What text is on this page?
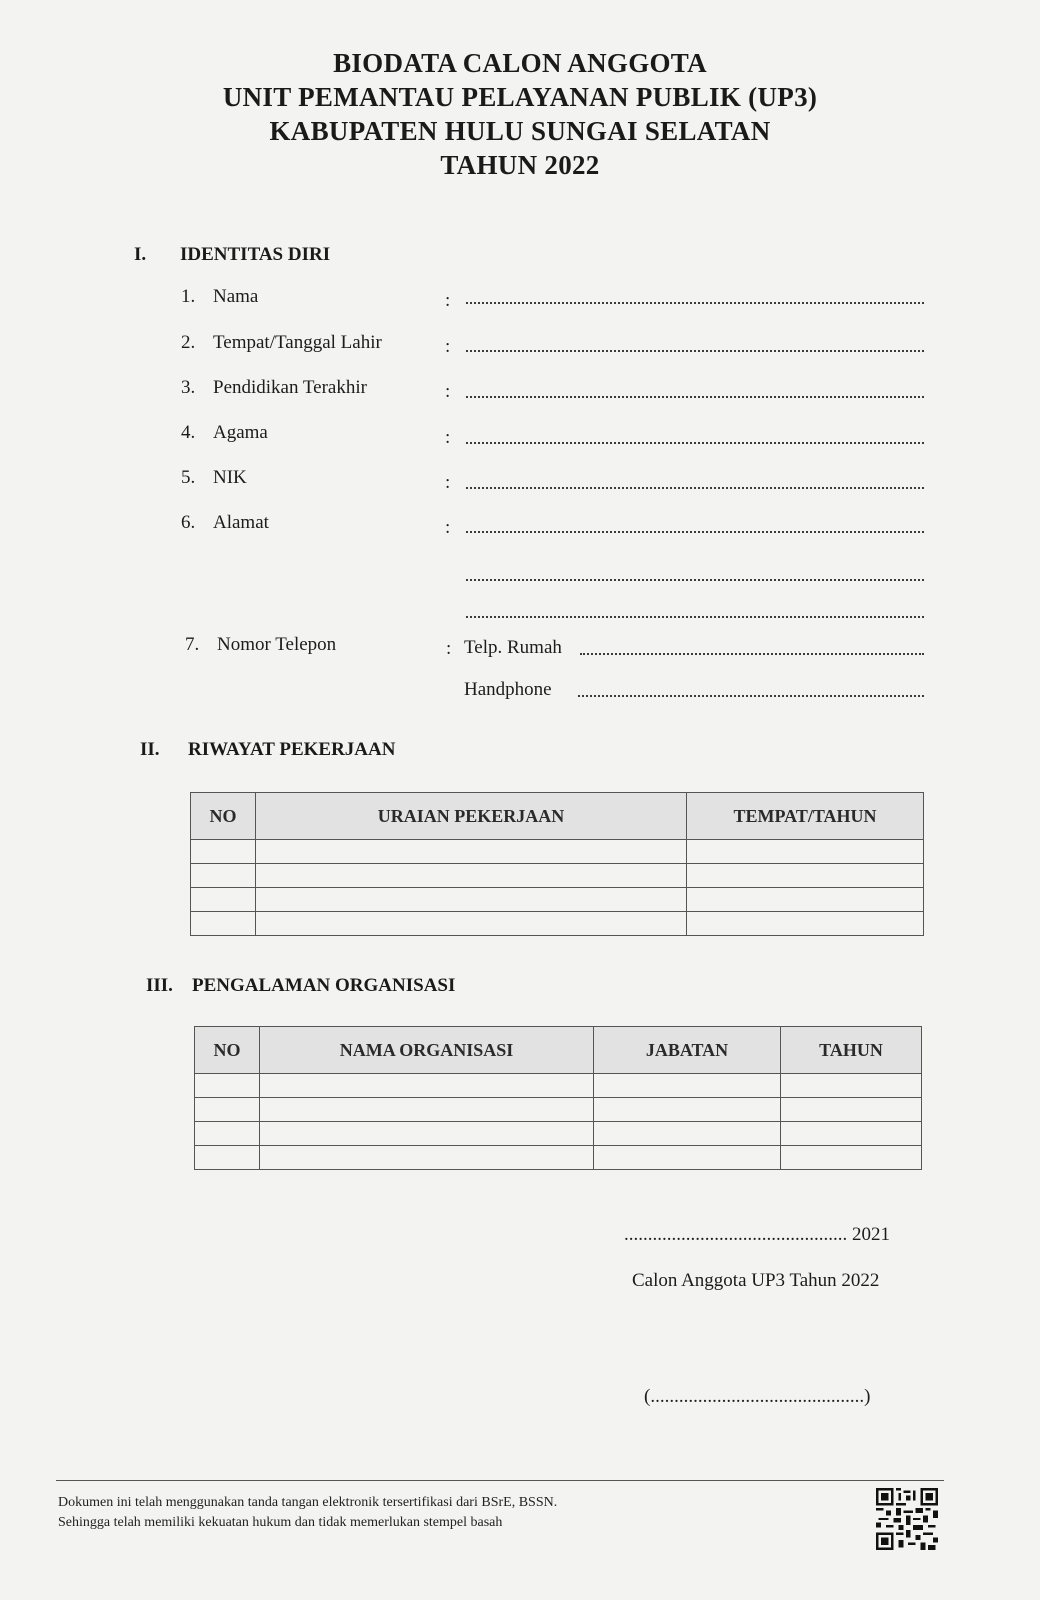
BIODATA CALON ANGGOTA
UNIT PEMANTAU PELAYANAN PUBLIK (UP3)
KABUPATEN HULU SUNGAI SELATAN
TAHUN 2022
I. IDENTITAS DIRI
1. Nama	:
2. Tempat/Tanggal Lahir	:
3. Pendidikan Terakhir	:
4. Agama	:
5. NIK	:
6. Alamat	:
7. Nomor Telepon	: Telp. Rumah
Handphone
II. RIWAYAT PEKERJAAN
NO	URAIAN PEKERJAAN	TEMPAT/TAHUN

III. PENGALAMAN ORGANISASI
NO	NAMA ORGANISASI	JABATAN	TAHUN

............................................... 2021
Calon Anggota UP3 Tahun 2022
(.............................................)
Dokumen ini telah menggunakan tanda tangan elektronik tersertifikasi dari BSrE, BSSN.
Sehingga telah memiliki kekuatan hukum dan tidak memerlukan stempel basah
